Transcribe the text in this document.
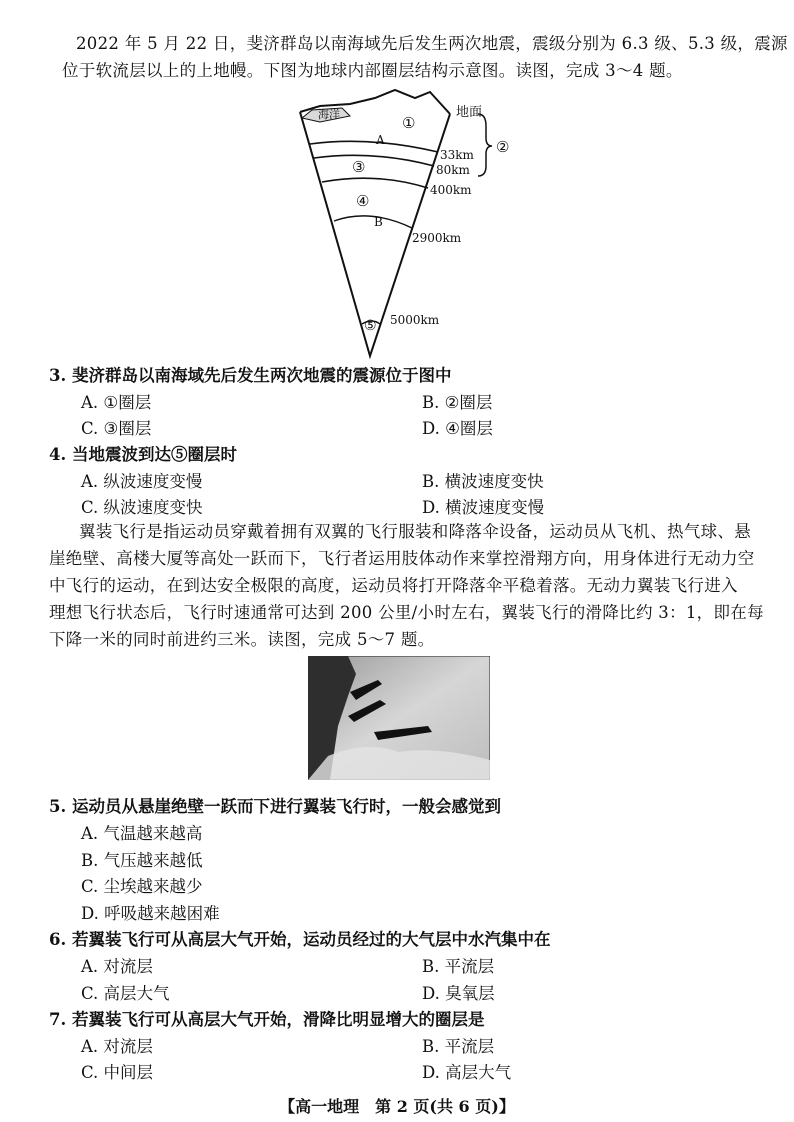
2022 年 5 月 22 日，斐济群岛以南海域先后发生两次地震，震级分别为 6.3 级、5.3 级，震源
位于软流层以上的上地幔。下图为地球内部圈层结构示意图。读图，完成 3～4 题。
海洋	①
A
③
④
B
⑤
地面
②
33km
80km
400km
2900km
5000km
3. 斐济群岛以南海域先后发生两次地震的震源位于图中
A. ①圈层	B. ②圈层
C. ③圈层	D. ④圈层
4. 当地震波到达⑤圈层时
A. 纵波速度变慢	B. 横波速度变快
C. 纵波速度变快	D. 横波速度变慢
翼装飞行是指运动员穿戴着拥有双翼的飞行服装和降落伞设备，运动员从飞机、热气球、悬
崖绝壁、高楼大厦等高处一跃而下，飞行者运用肢体动作来掌控滑翔方向，用身体进行无动力空
中飞行的运动，在到达安全极限的高度，运动员将打开降落伞平稳着落。无动力翼装飞行进入
理想飞行状态后，飞行时速通常可达到 200 公里/小时左右，翼装飞行的滑降比约 3：1，即在每
下降一米的同时前进约三米。读图，完成 5～7 题。
5. 运动员从悬崖绝壁一跃而下进行翼装飞行时，一般会感觉到
A. 气温越来越高
B. 气压越来越低
C. 尘埃越来越少
D. 呼吸越来越困难
6. 若翼装飞行可从高层大气开始，运动员经过的大气层中水汽集中在
A. 对流层	B. 平流层
C. 高层大气	D. 臭氧层
7. 若翼装飞行可从高层大气开始，滑降比明显增大的圈层是
A. 对流层	B. 平流层
C. 中间层	D. 高层大气
【高一地理　第 2 页(共 6 页)】
